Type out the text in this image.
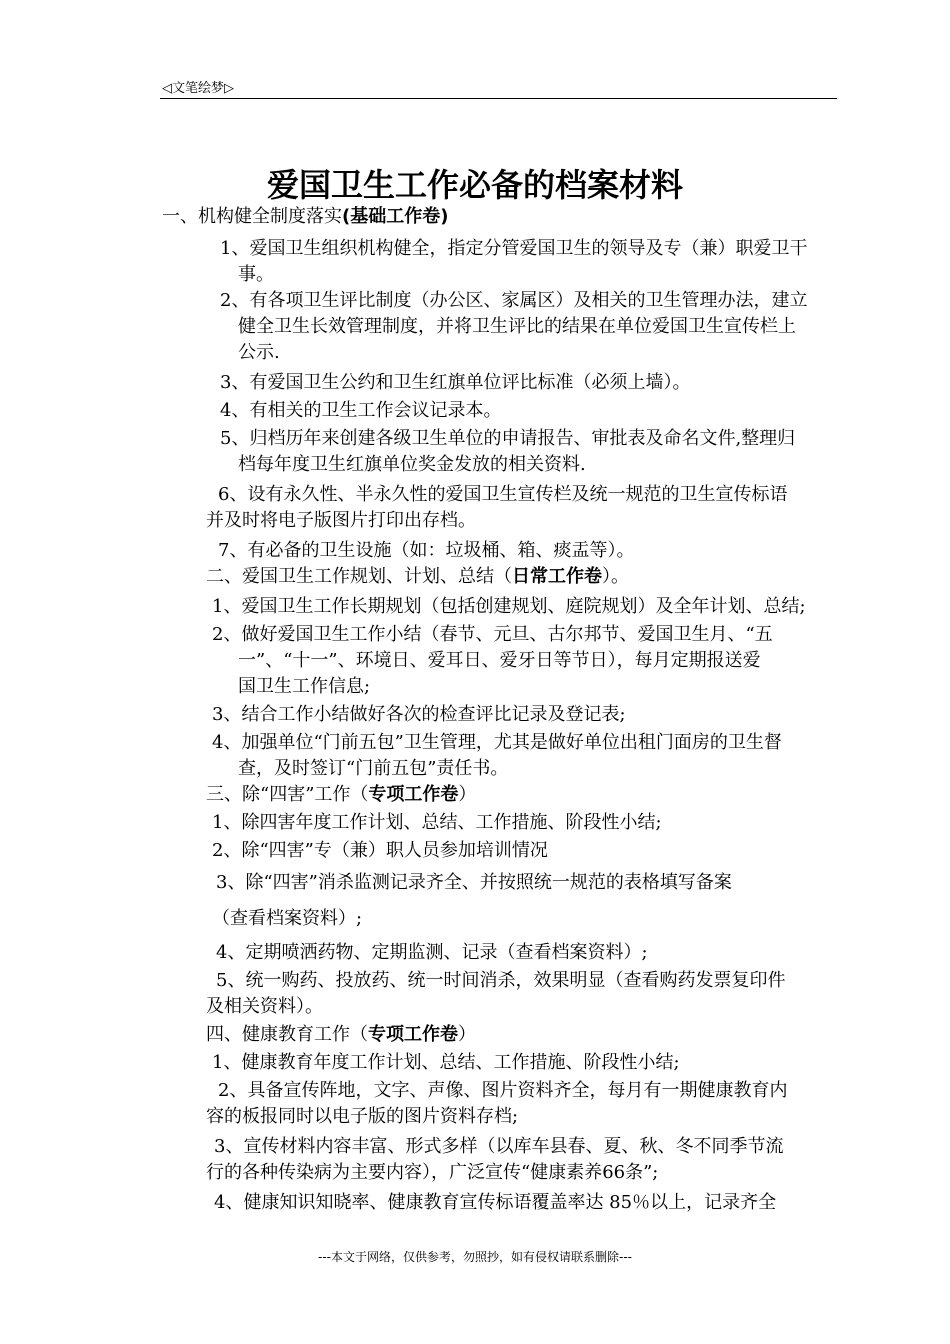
◁文笔绘梦▷
爱国卫生工作必备的档案材料
一、机构健全制度落实(基础工作卷)
1、爱国卫生组织机构健全，指定分管爱国卫生的领导及专（兼）职爱卫干
事。
2、有各项卫生评比制度（办公区、家属区）及相关的卫生管理办法，建立
健全卫生长效管理制度，并将卫生评比的结果在单位爱国卫生宣传栏上
公示.
3、有爱国卫生公约和卫生红旗单位评比标准（必须上墙）。
4、有相关的卫生工作会议记录本。
5、归档历年来创建各级卫生单位的申请报告、审批表及命名文件,整理归
档每年度卫生红旗单位奖金发放的相关资料.
6、设有永久性、半永久性的爱国卫生宣传栏及统一规范的卫生宣传标语
并及时将电子版图片打印出存档。
7、有必备的卫生设施（如：垃圾桶、箱、痰盂等）。
二、爱国卫生工作规划、计划、总结（日常工作卷）。
1、爱国卫生工作长期规划（包括创建规划、庭院规划）及全年计划、总结;
2、做好爱国卫生工作小结（春节、元旦、古尔邦节、爱国卫生月、“五
一”、“十一”、环境日、爱耳日、爱牙日等节日），每月定期报送爱
国卫生工作信息;
3、结合工作小结做好各次的检查评比记录及登记表;
4、加强单位“门前五包”卫生管理，尤其是做好单位出租门面房的卫生督
查，及时签订“门前五包”责任书。
三、除“四害”工作（专项工作卷）
1、除四害年度工作计划、总结、工作措施、阶段性小结;
2、除“四害”专（兼）职人员参加培训情况
3、除“四害”消杀监测记录齐全、并按照统一规范的表格填写备案
（查看档案资料）;
4、定期喷洒药物、定期监测、记录（查看档案资料）;
5、统一购药、投放药、统一时间消杀，效果明显（查看购药发票复印件
及相关资料）。
四、健康教育工作（专项工作卷）
1、健康教育年度工作计划、总结、工作措施、阶段性小结;
2、具备宣传阵地，文字、声像、图片资料齐全，每月有一期健康教育内
容的板报同时以电子版的图片资料存档;
3、宣传材料内容丰富、形式多样（以库车县春、夏、秋、冬不同季节流
行的各种传染病为主要内容），广泛宣传“健康素养66条”;
4、健康知识知晓率、健康教育宣传标语覆盖率达 85％以上，记录齐全
---本文于网络，仅供参考，勿照抄，如有侵权请联系删除---
